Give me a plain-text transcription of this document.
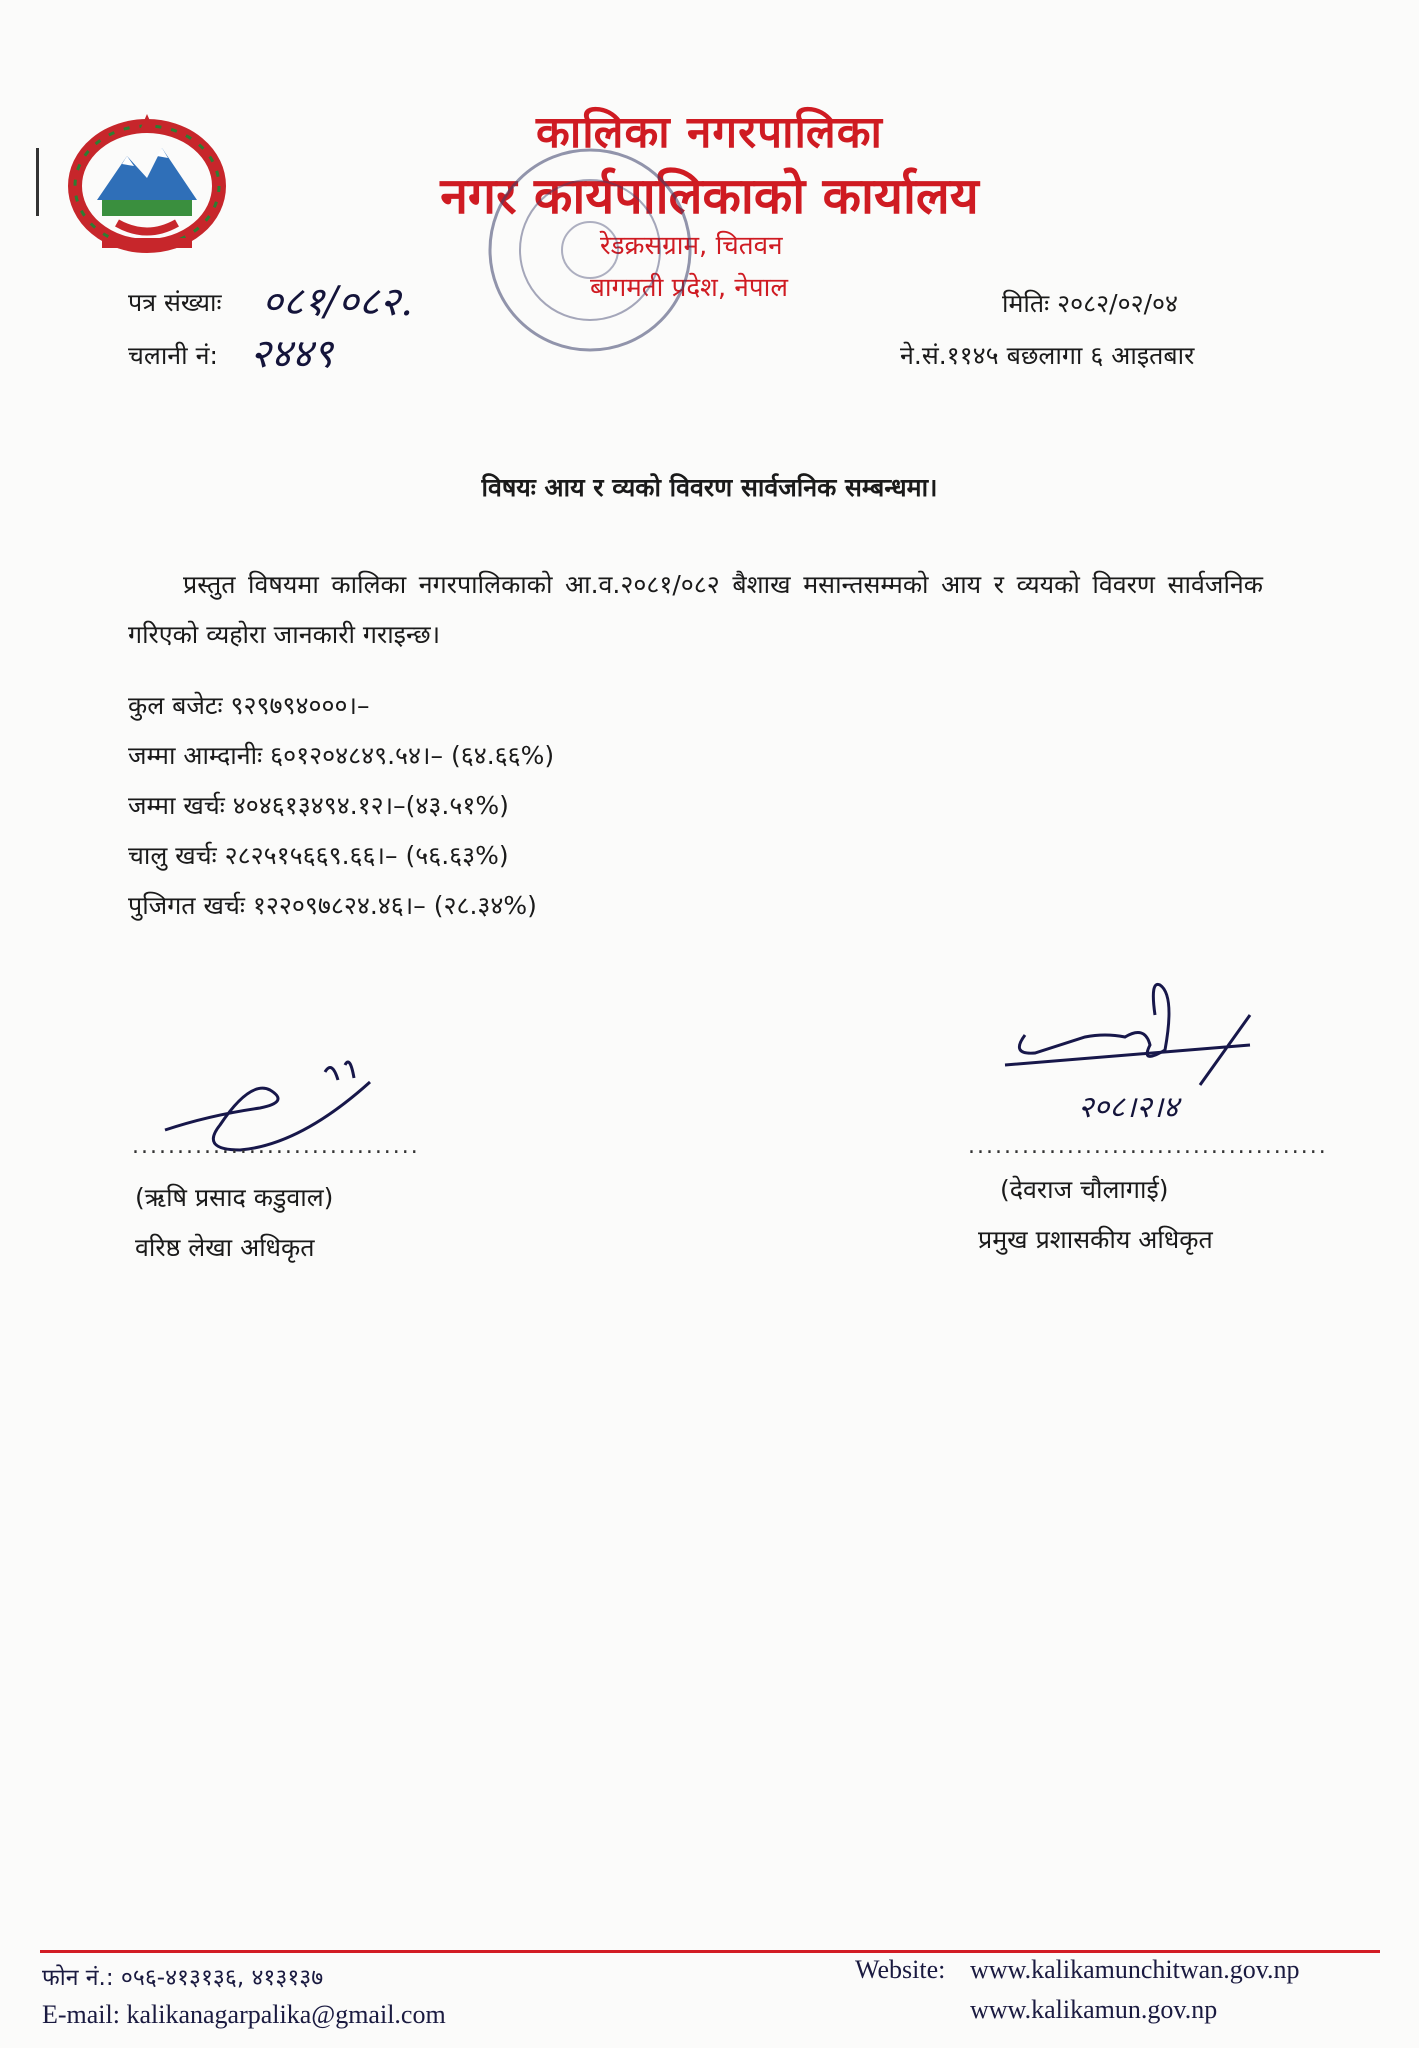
कालिका नगरपालिका
नगर कार्यपालिकाको कार्यालय
रेडक्रसग्राम, चितवन
बागमती प्रदेश, नेपाल
पत्र संख्याः ०८१/०८२.
चलानी नं: २४४९
मितिः २०८२/०२/०४
ने.सं.११४५ बछलागा ६ आइतबार
विषयः आय र व्यको विवरण सार्वजनिक सम्बन्धमा।
प्रस्तुत विषयमा कालिका नगरपालिकाको आ.व.२०८१/०८२ बैशाख मसान्तसम्मको आय र व्ययको विवरण सार्वजनिक गरिएको व्यहोरा जानकारी गराइन्छ।
कुल बजेटः ९२९७९४०००।–
जम्मा आम्दानीः ६०१२०४८४९.५४।– (६४.६६%)
जम्मा खर्चः ४०४६१३४९४.१२।–(४३.५१%)
चालु खर्चः २८२५१५६६९.६६।– (५६.६३%)
पुजिगत खर्चः १२२०९७८२४.४६।– (२८.३४%)
................................
(ऋषि प्रसाद कडुवाल)
वरिष्ठ लेखा अधिकृत
२०८।२।४
........................................
(देवराज चौलागाई)
प्रमुख प्रशासकीय अधिकृत
फोन नं.: ०५६-४१३१३६, ४१३१३७
E-mail: kalikanagarpalika@gmail.com
Website: www.kalikamunchitwan.gov.np
www.kalikamun.gov.np
